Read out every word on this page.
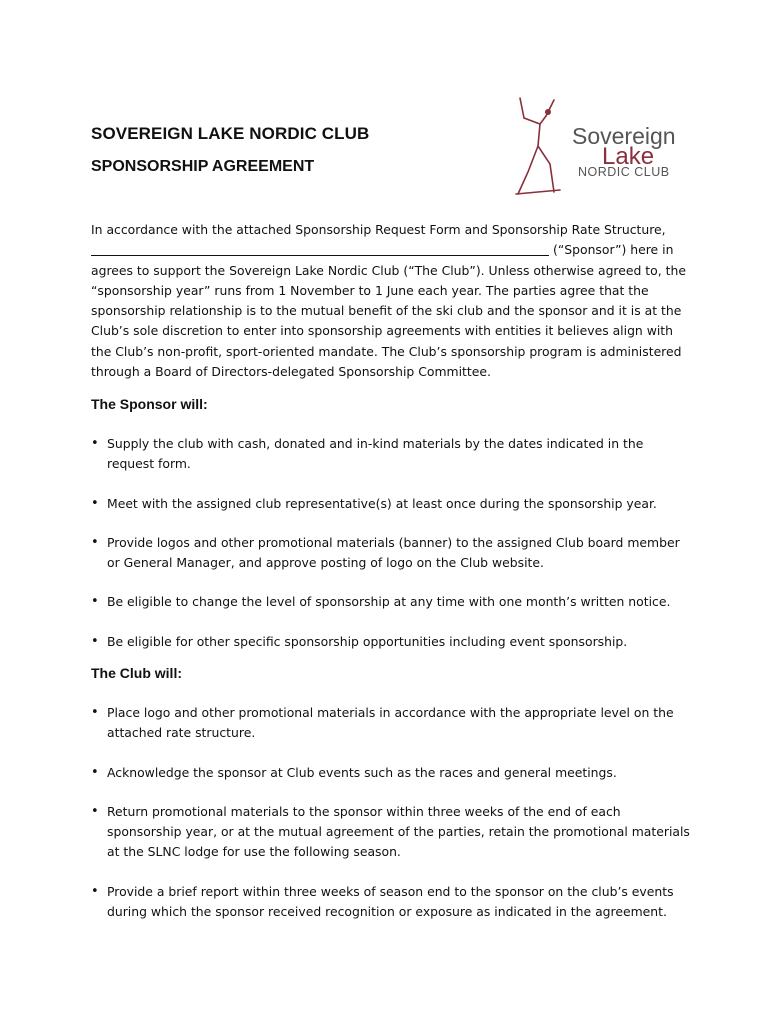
SOVEREIGN LAKE NORDIC CLUB
SPONSORSHIP AGREEMENT
Sovereign
Lake
NORDIC CLUB

In accordance with the attached Sponsorship Request Form and Sponsorship Rate Structure,

(“Sponsor”) here in

agrees to support the Sovereign Lake Nordic Club (“The Club”). Unless otherwise agreed to, the “sponsorship year” runs from 1 November to 1 June each year. The parties agree that the sponsorship relationship is to the mutual benefit of the ski club and the sponsor and it is at the Club’s sole discretion to enter into sponsorship agreements with entities it believes align with the Club’s non-profit, sport-oriented mandate. The Club’s sponsorship program is administered through a Board of Directors-delegated Sponsorship Committee.

The Sponsor will:
• Supply the club with cash, donated and in-kind materials by the dates indicated in the request form.
• Meet with the assigned club representative(s) at least once during the sponsorship year.
• Provide logos and other promotional materials (banner) to the assigned Club board member or General Manager, and approve posting of logo on the Club website.
• Be eligible to change the level of sponsorship at any time with one month’s written notice.
• Be eligible for other specific sponsorship opportunities including event sponsorship.
The Club will:
• Place logo and other promotional materials in accordance with the appropriate level on the attached rate structure.
• Acknowledge the sponsor at Club events such as the races and general meetings.
• Return promotional materials to the sponsor within three weeks of the end of each sponsorship year, or at the mutual agreement of the parties, retain the promotional materials at the SLNC lodge for use the following season.
• Provide a brief report within three weeks of season end to the sponsor on the club’s events during which the sponsor received recognition or exposure as indicated in the agreement.
